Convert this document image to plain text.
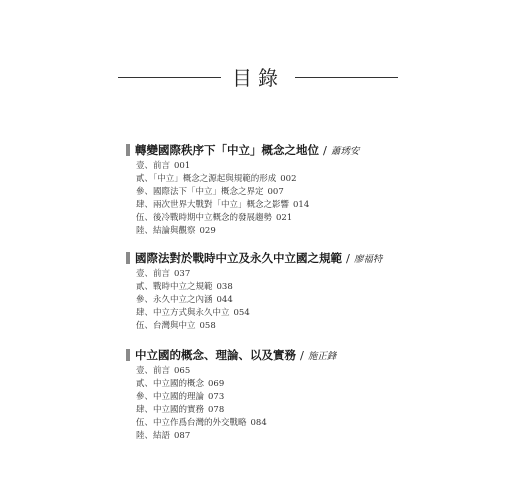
目錄
轉變國際秩序下「中立」概念之地位 / 蕭琇安
壹、前言 001
貳、「中立」概念之源起與規範的形成 002
參、國際法下「中立」概念之界定 007
肆、兩次世界大戰對「中立」概念之影響 014
伍、後冷戰時期中立概念的發展趨勢 021
陸、結論與觀察 029
國際法對於戰時中立及永久中立國之規範 / 廖福特
壹、前言 037
貳、戰時中立之規範 038
參、永久中立之內涵 044
肆、中立方式與永久中立 054
伍、台灣與中立 058
中立國的概念、理論、以及實務 / 施正鋒
壹、前言 065
貳、中立國的概念 069
參、中立國的理論 073
肆、中立國的實務 078
伍、中立作爲台灣的外交戰略 084
陸、結語 087
